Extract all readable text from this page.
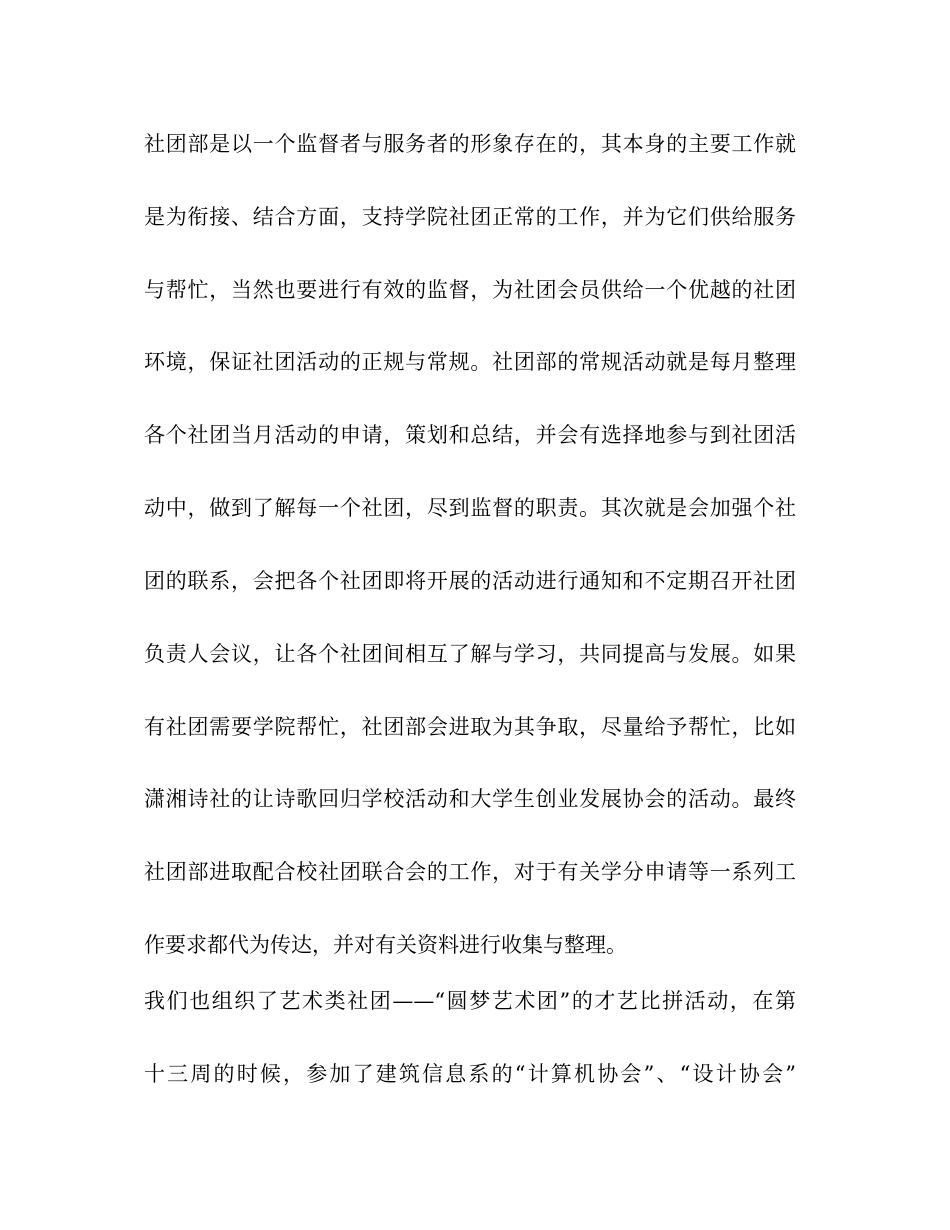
社团部是以一个监督者与服务者的形象存在的，其本身的主要工作就
是为衔接、结合方面，支持学院社团正常的工作，并为它们供给服务
与帮忙，当然也要进行有效的监督，为社团会员供给一个优越的社团
环境，保证社团活动的正规与常规。社团部的常规活动就是每月整理
各个社团当月活动的申请，策划和总结，并会有选择地参与到社团活
动中，做到了解每一个社团，尽到监督的职责。其次就是会加强个社
团的联系，会把各个社团即将开展的活动进行通知和不定期召开社团
负责人会议，让各个社团间相互了解与学习，共同提高与发展。如果
有社团需要学院帮忙，社团部会进取为其争取，尽量给予帮忙，比如
潇湘诗社的让诗歌回归学校活动和大学生创业发展协会的活动。最终
社团部进取配合校社团联合会的工作，对于有关学分申请等一系列工
作要求都代为传达，并对有关资料进行收集与整理。
我们也组织了艺术类社团——“圆梦艺术团”的才艺比拼活动，在第
十三周的时候，参加了建筑信息系的“计算机协会”、“设计协会”
